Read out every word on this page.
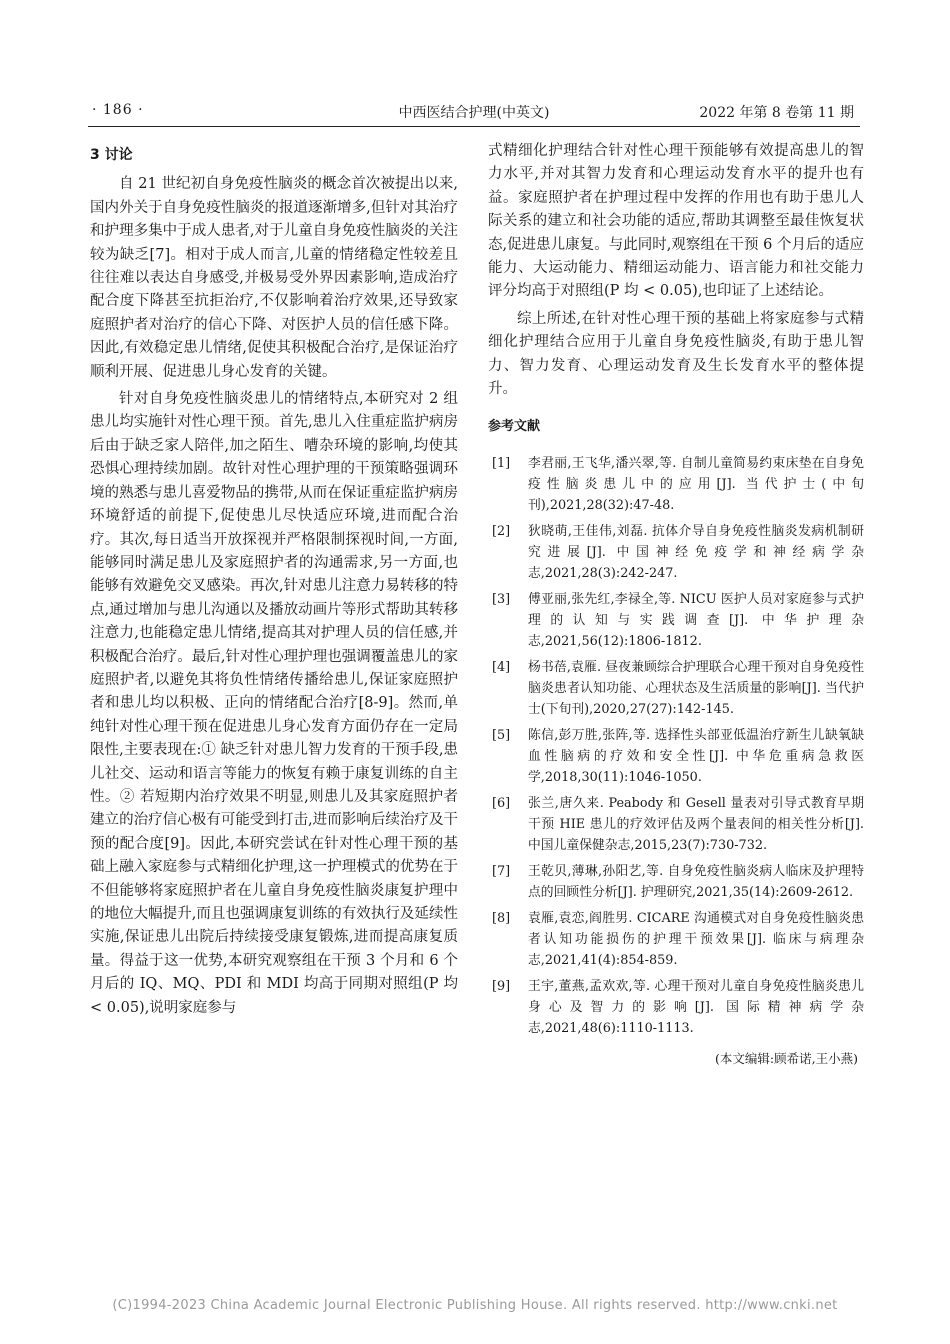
· 186 ·	中西医结合护理(中英文)	2022 年第 8 卷第 11 期
3 讨论

自 21 世纪初自身免疫性脑炎的概念首次被提出以来,国内外关于自身免疫性脑炎的报道逐渐增多,但针对其治疗和护理多集中于成人患者,对于儿童自身免疫性脑炎的关注较为缺乏[7]。相对于成人而言,儿童的情绪稳定性较差且往往难以表达自身感受,并极易受外界因素影响,造成治疗配合度下降甚至抗拒治疗,不仅影响着治疗效果,还导致家庭照护者对治疗的信心下降、对医护人员的信任感下降。因此,有效稳定患儿情绪,促使其积极配合治疗,是保证治疗顺利开展、促进患儿身心发育的关键。

针对自身免疫性脑炎患儿的情绪特点,本研究对 2 组患儿均实施针对性心理干预。首先,患儿入住重症监护病房后由于缺乏家人陪伴,加之陌生、嘈杂环境的影响,均使其恐惧心理持续加剧。故针对性心理护理的干预策略强调环境的熟悉与患儿喜爱物品的携带,从而在保证重症监护病房环境舒适的前提下,促使患儿尽快适应环境,进而配合治疗。其次,每日适当开放探视并严格限制探视时间,一方面,能够同时满足患儿及家庭照护者的沟通需求,另一方面,也能够有效避免交叉感染。再次,针对患儿注意力易转移的特点,通过增加与患儿沟通以及播放动画片等形式帮助其转移注意力,也能稳定患儿情绪,提高其对护理人员的信任感,并积极配合治疗。最后,针对性心理护理也强调覆盖患儿的家庭照护者,以避免其将负性情绪传播给患儿,保证家庭照护者和患儿均以积极、正向的情绪配合治疗[8-9]。然而,单纯针对性心理干预在促进患儿身心发育方面仍存在一定局限性,主要表现在:① 缺乏针对患儿智力发育的干预手段,患儿社交、运动和语言等能力的恢复有赖于康复训练的自主性。② 若短期内治疗效果不明显,则患儿及其家庭照护者建立的治疗信心极有可能受到打击,进而影响后续治疗及干预的配合度[9]。因此,本研究尝试在针对性心理干预的基础上融入家庭参与式精细化护理,这一护理模式的优势在于不但能够将家庭照护者在儿童自身免疫性脑炎康复护理中的地位大幅提升,而且也强调康复训练的有效执行及延续性实施,保证患儿出院后持续接受康复锻炼,进而提高康复质量。得益于这一优势,本研究观察组在干预 3 个月和 6 个月后的 IQ、MQ、PDI 和 MDI 均高于同期对照组(P 均 < 0.05),说明家庭参与

式精细化护理结合针对性心理干预能够有效提高患儿的智力水平,并对其智力发育和心理运动发育水平的提升也有益。家庭照护者在护理过程中发挥的作用也有助于患儿人际关系的建立和社会功能的适应,帮助其调整至最佳恢复状态,促进患儿康复。与此同时,观察组在干预 6 个月后的适应能力、大运动能力、精细运动能力、语言能力和社交能力评分均高于对照组(P 均 < 0.05),也印证了上述结论。

综上所述,在针对性心理干预的基础上将家庭参与式精细化护理结合应用于儿童自身免疫性脑炎,有助于患儿智力、智力发育、心理运动发育及生长发育水平的整体提升。

参考文献
[1]	李君丽,王飞华,潘兴翠,等. 自制儿童简易约束床垫在自身免疫性脑炎患儿中的应用[J]. 当代护士(中旬刊),2021,28(32):47-48.
[2]	狄晓萌,王佳伟,刘磊. 抗体介导自身免疫性脑炎发病机制研究进展[J]. 中国神经免疫学和神经病学杂志,2021,28(3):242-247.
[3]	傅亚丽,张先红,李禄全,等. NICU 医护人员对家庭参与式护理的认知与实践调查[J]. 中华护理杂志,2021,56(12):1806-1812.
[4]	杨书蓓,袁雁. 昼夜兼顾综合护理联合心理干预对自身免疫性脑炎患者认知功能、心理状态及生活质量的影响[J]. 当代护士(下旬刊),2020,27(27):142-145.
[5]	陈信,彭万胜,张阵,等. 选择性头部亚低温治疗新生儿缺氧缺血性脑病的疗效和安全性[J]. 中华危重病急救医学,2018,30(11):1046-1050.
[6]	张兰,唐久来. Peabody 和 Gesell 量表对引导式教育早期干预 HIE 患儿的疗效评估及两个量表间的相关性分析[J]. 中国儿童保健杂志,2015,23(7):730-732.
[7]	王乾贝,薄琳,孙阳艺,等. 自身免疫性脑炎病人临床及护理特点的回顾性分析[J]. 护理研究,2021,35(14):2609-2612.
[8]	袁雁,袁恋,阎胜男. CICARE 沟通模式对自身免疫性脑炎患者认知功能损伤的护理干预效果[J]. 临床与病理杂志,2021,41(4):854-859.
[9]	王宇,董燕,孟欢欢,等. 心理干预对儿童自身免疫性脑炎患儿身心及智力的影响[J]. 国际精神病学杂志,2021,48(6):1110-1113.
(本文编辑:顾希诺,王小燕)
(C)1994-2023 China Academic Journal Electronic Publishing House. All rights reserved. http://www.cnki.net
